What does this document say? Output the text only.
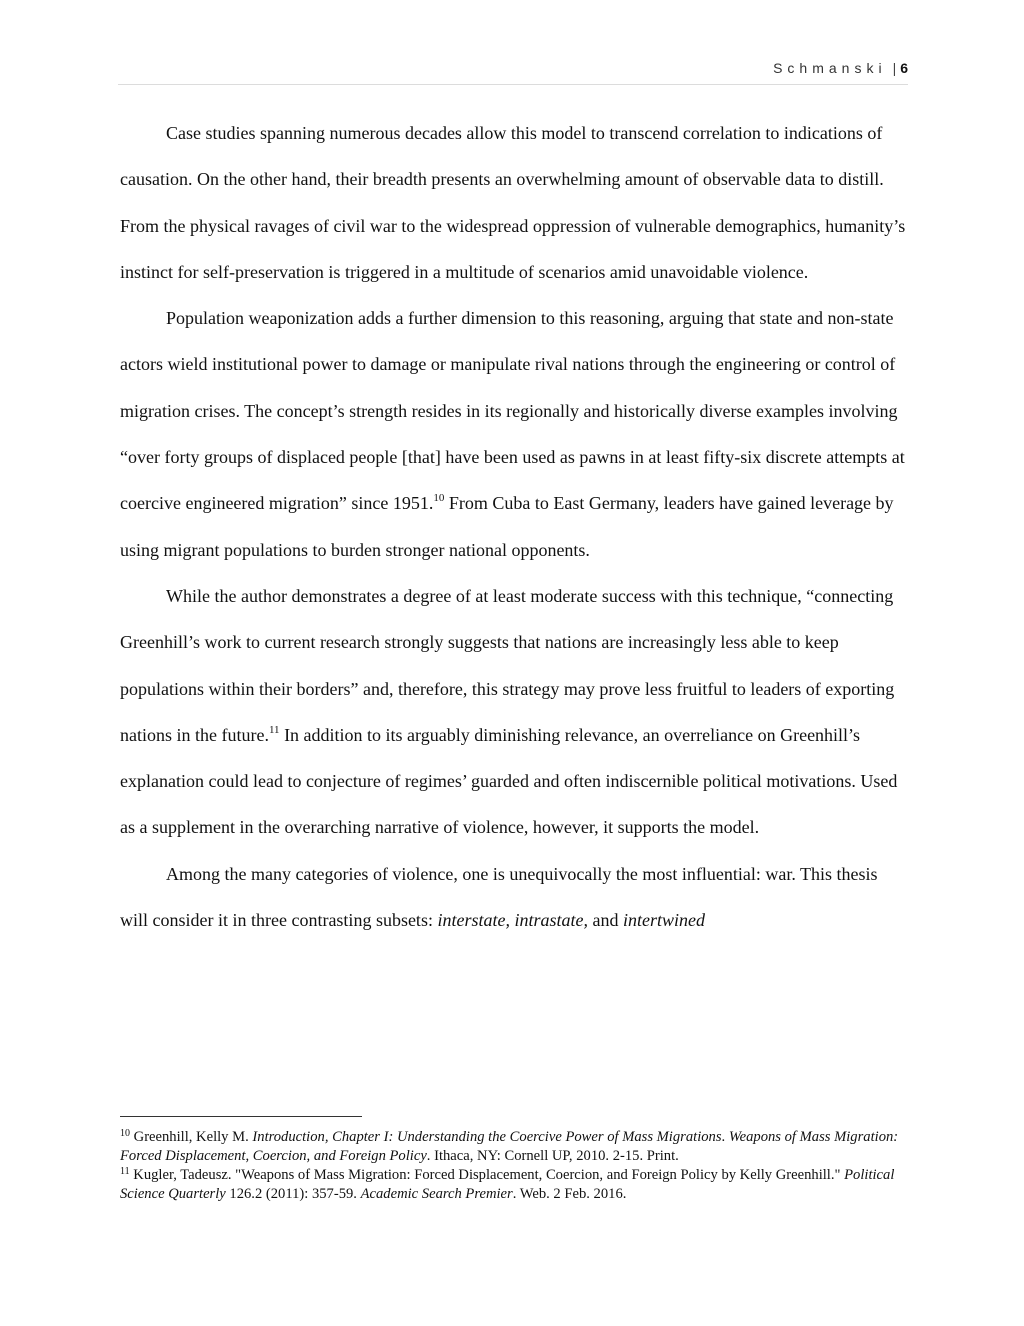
Schmanski | 6

Case studies spanning numerous decades allow this model to transcend correlation to indications of causation. On the other hand, their breadth presents an overwhelming amount of observable data to distill. From the physical ravages of civil war to the widespread oppression of vulnerable demographics, humanity’s instinct for self-preservation is triggered in a multitude of scenarios amid unavoidable violence.

Population weaponization adds a further dimension to this reasoning, arguing that state and non-state actors wield institutional power to damage or manipulate rival nations through the engineering or control of migration crises. The concept’s strength resides in its regionally and historically diverse examples involving “over forty groups of displaced people [that] have been used as pawns in at least fifty-six discrete attempts at coercive engineered migration” since 1951.10 From Cuba to East Germany, leaders have gained leverage by using migrant populations to burden stronger national opponents.

While the author demonstrates a degree of at least moderate success with this technique, “connecting Greenhill’s work to current research strongly suggests that nations are increasingly less able to keep populations within their borders” and, therefore, this strategy may prove less fruitful to leaders of exporting nations in the future.$^{11}$ In addition to its arguably diminishing relevance, an overreliance on Greenhill’s explanation could lead to conjecture of regimes’ guarded and often indiscernible political motivations. Used as a supplement in the overarching narrative of violence, however, it supports the model.

Among the many categories of violence, one is unequivocally the most influential: war. This thesis will consider it in three contrasting subsets: interstate, intrastate, and intertwined

$^{10}$ Greenhill, Kelly M. Introduction, Chapter I: Understanding the Coercive Power of Mass Migrations. Weapons of Mass Migration: Forced Displacement, Coercion, and Foreign Policy. Ithaca, NY: Cornell UP, 2010. 2-15. Print.

$^{11}$ Kugler, Tadeusz. "Weapons of Mass Migration: Forced Displacement, Coercion, and Foreign Policy by Kelly Greenhill." Political Science Quarterly 126.2 (2011): 357-59. Academic Search Premier. Web. 2 Feb. 2016.
